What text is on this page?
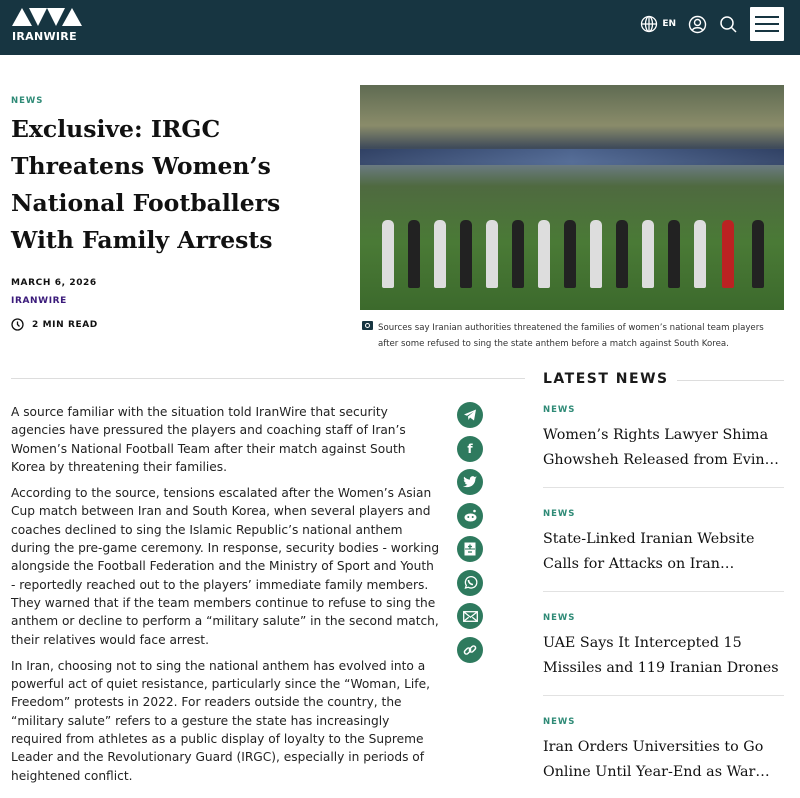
IRANWIRE
EN
NEWS
Exclusive: IRGC Threatens Women’s National Footballers With Family Arrests
MARCH 6, 2026
IRANWIRE
2 MIN READ	Sources say Iranian authorities threatened the families of women’s national team players after some refused to sing the state anthem before a match against South Korea.
LATEST NEWS

A source familiar with the situation told IranWire that security agencies have pressured the players and coaching staff of Iran’s Women’s National Football Team after their match against South Korea by threatening their families.

According to the source, tensions escalated after the Women’s Asian Cup match between Iran and South Korea, when several players and coaches declined to sing the Islamic Republic’s national anthem during the pre-game ceremony. In response, security bodies - working alongside the Football Federation and the Ministry of Sport and Youth - reportedly reached out to the players’ immediate family members. They warned that if the team members continue to refuse to sing the anthem or decline to perform a “military salute” in the second match, their relatives would face arrest.

In Iran, choosing not to sing the national anthem has evolved into a powerful act of quiet resistance, particularly since the “Woman, Life, Freedom” protests in 2022. For readers outside the country, the “military salute” refers to a gesture the state has increasingly required from athletes as a public display of loyalty to the Supreme Leader and the Revolutionary Guard (IRGC), especially in periods of heightened conflict.

f
NEWS
Women’s Rights Lawyer Shima
Ghowsheh Released from Evin…
NEWS
State-Linked Iranian Website
Calls for Attacks on Iran…
NEWS
UAE Says It Intercepted 15
Missiles and 119 Iranian Drones
NEWS
Iran Orders Universities to Go
Online Until Year-End as War…
